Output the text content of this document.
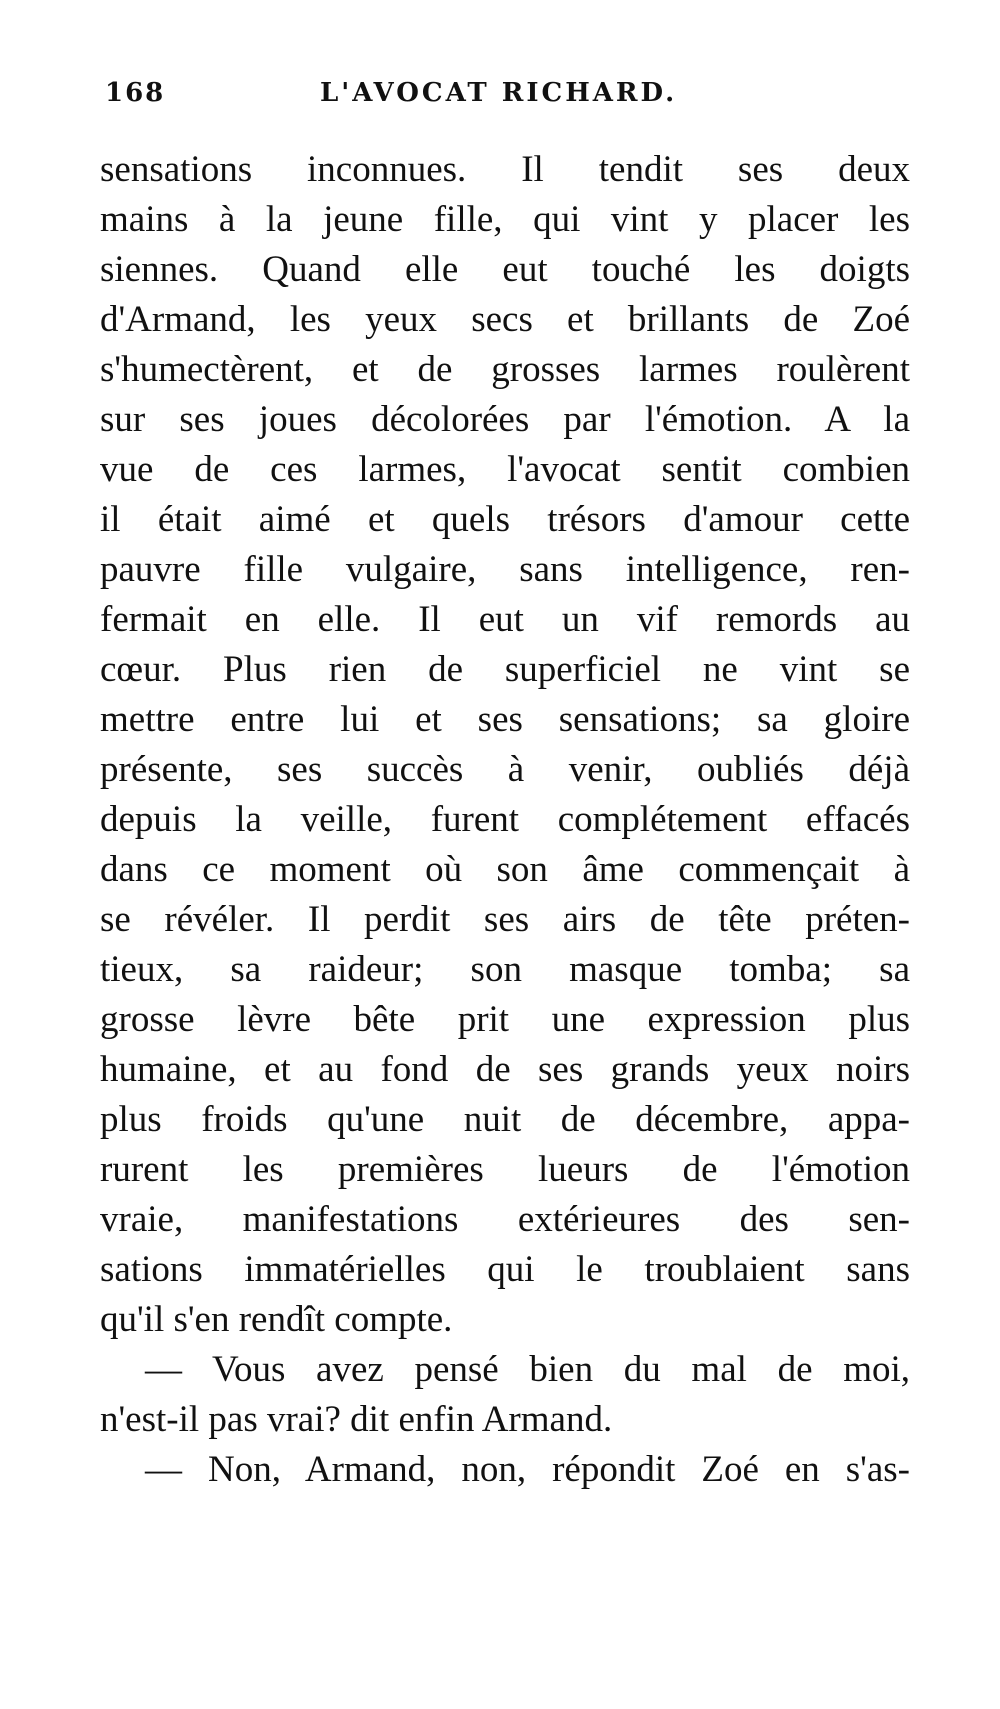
168	L'AVOCAT RICHARD.
sensations inconnues. Il tendit ses deux
mains à la jeune fille, qui vint y placer les
siennes. Quand elle eut touché les doigts
d'Armand, les yeux secs et brillants de Zoé
s'humectèrent, et de grosses larmes roulèrent
sur ses joues décolorées par l'émotion. A la
vue de ces larmes, l'avocat sentit combien
il était aimé et quels trésors d'amour cette
pauvre fille vulgaire, sans intelligence, ren-
fermait en elle. Il eut un vif remords au
cœur. Plus rien de superficiel ne vint se
mettre entre lui et ses sensations; sa gloire
présente, ses succès à venir, oubliés déjà
depuis la veille, furent complétement effacés
dans ce moment où son âme commençait à
se révéler. Il perdit ses airs de tête préten-
tieux, sa raideur; son masque tomba; sa
grosse lèvre bête prit une expression plus
humaine, et au fond de ses grands yeux noirs
plus froids qu'une nuit de décembre, appa-
rurent les premières lueurs de l'émotion
vraie, manifestations extérieures des sen-
sations immatérielles qui le troublaient sans
qu'il s'en rendît compte.
— Vous avez pensé bien du mal de moi,
n'est-il pas vrai? dit enfin Armand.
— Non, Armand, non, répondit Zoé en s'as-
